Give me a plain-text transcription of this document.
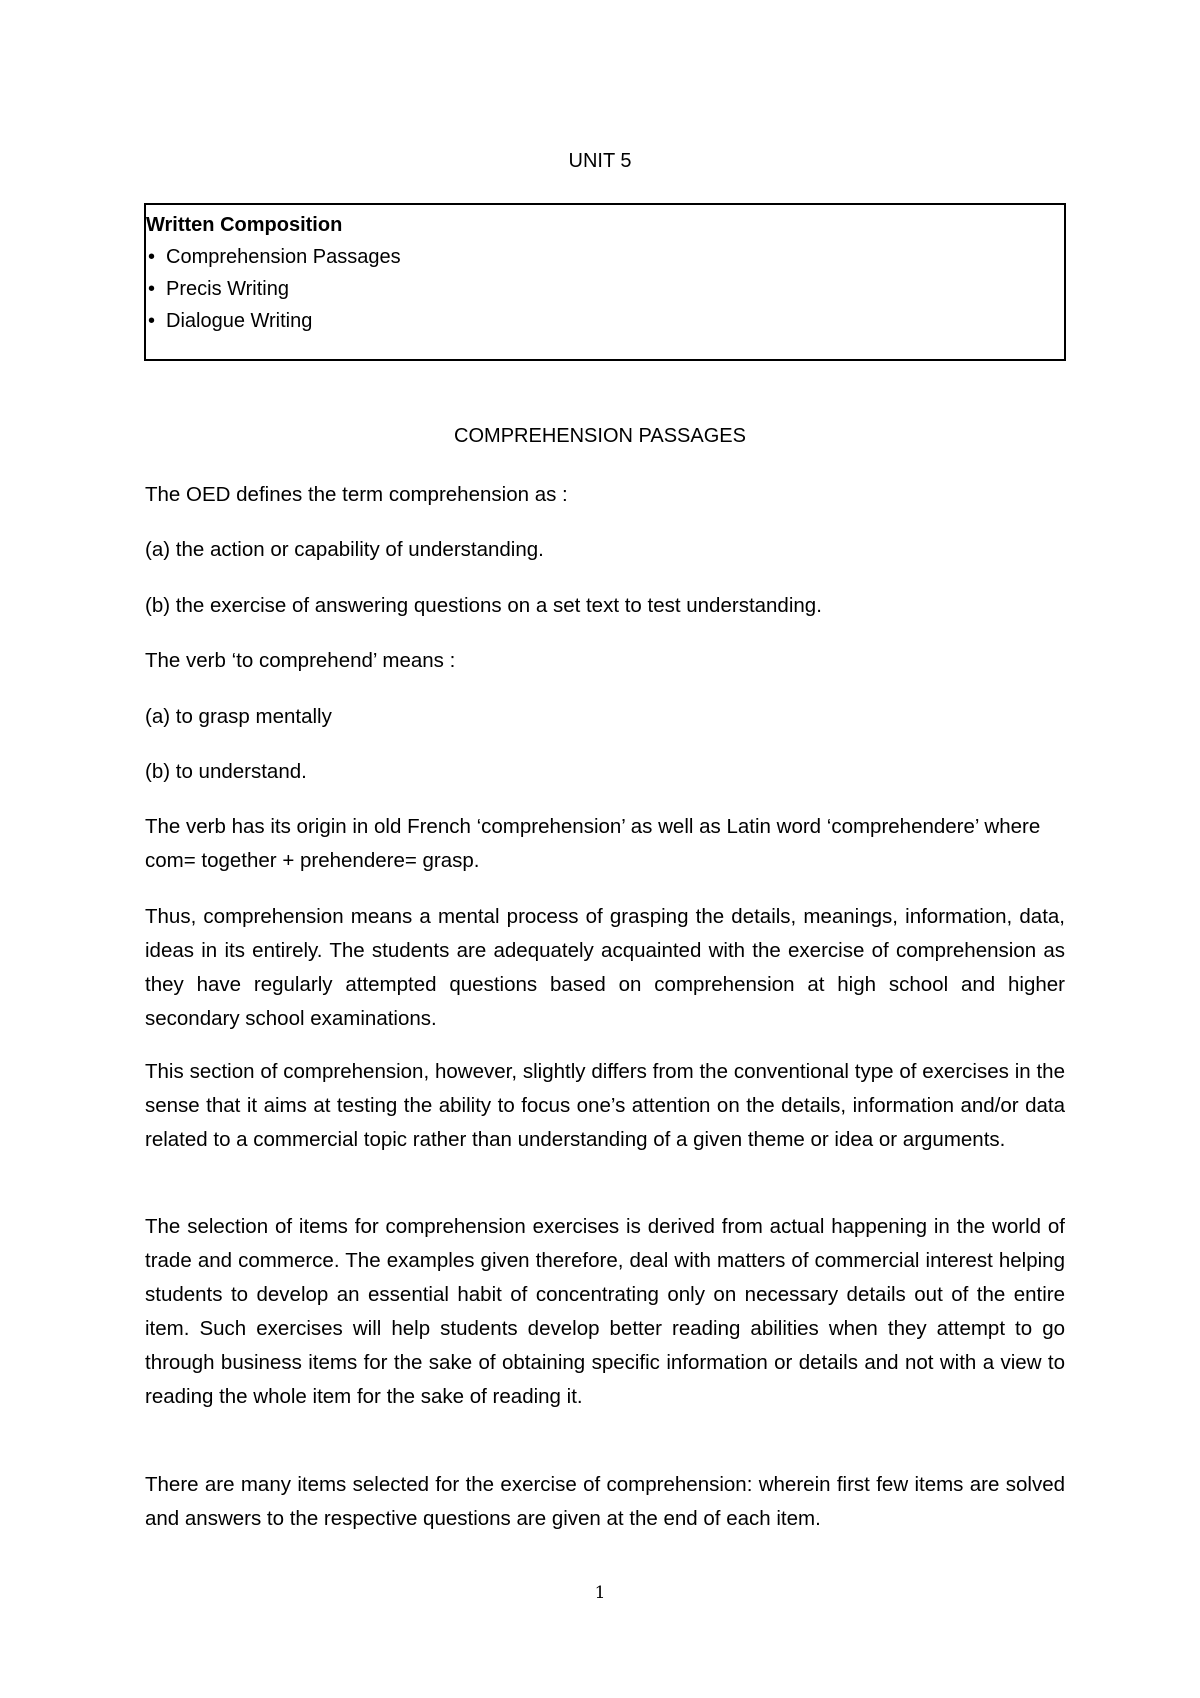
UNIT 5
Written Composition
• Comprehension Passages
• Precis Writing
• Dialogue Writing
COMPREHENSION PASSAGES
The OED defines the term comprehension as :
(a) the action or capability of understanding.
(b) the exercise of answering questions on a set text to test understanding.
The verb ‘to comprehend’ means :
(a) to grasp mentally
(b) to understand.
The verb has its origin in old French ‘comprehension’ as well as Latin word ‘comprehendere’ where com= together + prehendere= grasp.
Thus, comprehension means a mental process of grasping the details, meanings, information, data, ideas in its entirely. The students are adequately acquainted with the exercise of comprehension as they have regularly attempted questions based on comprehension at high school and higher secondary school examinations.
This section of comprehension, however, slightly differs from the conventional type of exercises in the sense that it aims at testing the ability to focus one’s attention on the details, information and/or data related to a commercial topic rather than understanding of a given theme or idea or arguments.
The selection of items for comprehension exercises is derived from actual happening in the world of trade and commerce. The examples given therefore, deal with matters of commercial interest helping students to develop an essential habit of concentrating only on necessary details out of the entire item. Such exercises will help students develop better reading abilities when they attempt to go through business items for the sake of obtaining specific information or details and not with a view to reading the whole item for the sake of reading it.
There are many items selected for the exercise of comprehension: wherein first few items are solved and answers to the respective questions are given at the end of each item.
1
